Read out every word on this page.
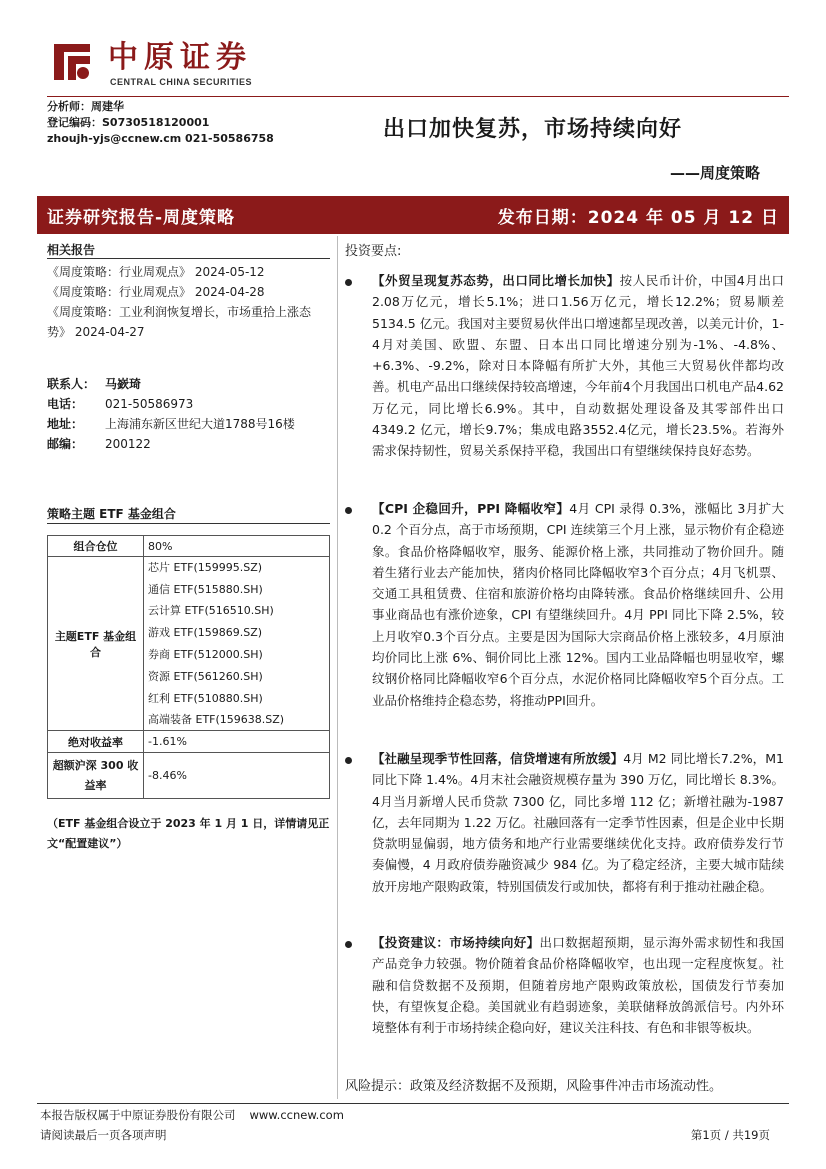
中原证券
CENTRAL CHINA SECURITIES
分析师：周建华
登记编码：S0730518120001
zhoujh-yjs@ccnew.cm 021-50586758	出口加快复苏，市场持续向好
——周度策略
证券研究报告-周度策略	发布日期：2024 年 05 月 12 日
相关报告
《周度策略：行业周观点》 2024-05-12
《周度策略：行业周观点》 2024-04-28
《周度策略：工业利润恢复增长，市场重拾上涨态势》 2024-04-27
联系人： 马嶔琦
电话：	021-50586973
地址：	上海浦东新区世纪大道1788号16楼
邮编：	200122
策略主题 ETF 基金组合
组合仓位	80%
主题ETF 基金组合	芯片 ETF(159995.SZ)
	通信 ETF(515880.SH)
	云计算 ETF(516510.SH)
	游戏 ETF(159869.SZ)
	券商 ETF(512000.SH)
	资源 ETF(561260.SH)
	红利 ETF(510880.SH)
	高端装备 ETF(159638.SZ)
绝对收益率	-1.61%
超额沪深 300 收益率	-8.46%
（ETF 基金组合设立于 2023 年 1 月 1 日，详情请见正文“配置建议”）
投资要点:
【外贸呈现复苏态势，出口同比增长加快】按人民币计价，中国4月出口2.08万亿元，增长5.1%；进口1.56万亿元，增长12.2%；贸易顺差 5134.5 亿元。我国对主要贸易伙伴出口增速都呈现改善，以美元计价，1-4月对美国、欧盟、东盟、日本出口同比增速分别为-1%、-4.8%、+6.3%、-9.2%，除对日本降幅有所扩大外，其他三大贸易伙伴都均改善。机电产品出口继续保持较高增速，今年前4个月我国出口机电产品4.62万亿元，同比增长6.9%。其中，自动数据处理设备及其零部件出口 4349.2 亿元，增长9.7%；集成电路3552.4亿元，增长23.5%。若海外需求保持韧性，贸易关系保持平稳，我国出口有望继续保持良好态势。
【CPI 企稳回升，PPI 降幅收窄】4月 CPI 录得 0.3%，涨幅比 3月扩大 0.2 个百分点，高于市场预期，CPI 连续第三个月上涨，显示物价有企稳迹象。食品价格降幅收窄，服务、能源价格上涨，共同推动了物价回升。随着生猪行业去产能加快，猪肉价格同比降幅收窄3个百分点；4月飞机票、交通工具租赁费、住宿和旅游价格均由降转涨。食品价格继续回升、公用事业商品也有涨价迹象，CPI 有望继续回升。4月 PPI 同比下降 2.5%，较上月收窄0.3个百分点。主要是因为国际大宗商品价格上涨较多，4月原油均价同比上涨 6%、铜价同比上涨 12%。国内工业品降幅也明显收窄，螺纹钢价格同比降幅收窄6个百分点，水泥价格同比降幅收窄5个百分点。工业品价格维持企稳态势，将推动PPI回升。
【社融呈现季节性回落，信贷增速有所放缓】4月 M2 同比增长7.2%，M1 同比下降 1.4%。4月末社会融资规模存量为 390 万亿，同比增长 8.3%。4月当月新增人民币贷款 7300 亿，同比多增 112 亿；新增社融为-1987 亿，去年同期为 1.22 万亿。社融回落有一定季节性因素，但是企业中长期贷款明显偏弱，地方债务和地产行业需要继续优化支持。政府债券发行节奏偏慢，4 月政府债券融资减少 984 亿。为了稳定经济，主要大城市陆续放开房地产限购政策，特别国债发行或加快，都将有利于推动社融企稳。
【投资建议：市场持续向好】出口数据超预期，显示海外需求韧性和我国产品竞争力较强。物价随着食品价格降幅收窄，也出现一定程度恢复。社融和信贷数据不及预期，但随着房地产限购政策放松，国债发行节奏加快，有望恢复企稳。美国就业有趋弱迹象，美联储释放鸽派信号。内外环境整体有利于市场持续企稳向好，建议关注科技、有色和非银等板块。
风险提示：政策及经济数据不及预期，风险事件冲击市场流动性。
本报告版权属于中原证券股份有限公司 www.ccnew.com
请阅读最后一页各项声明	第1页 / 共19页
